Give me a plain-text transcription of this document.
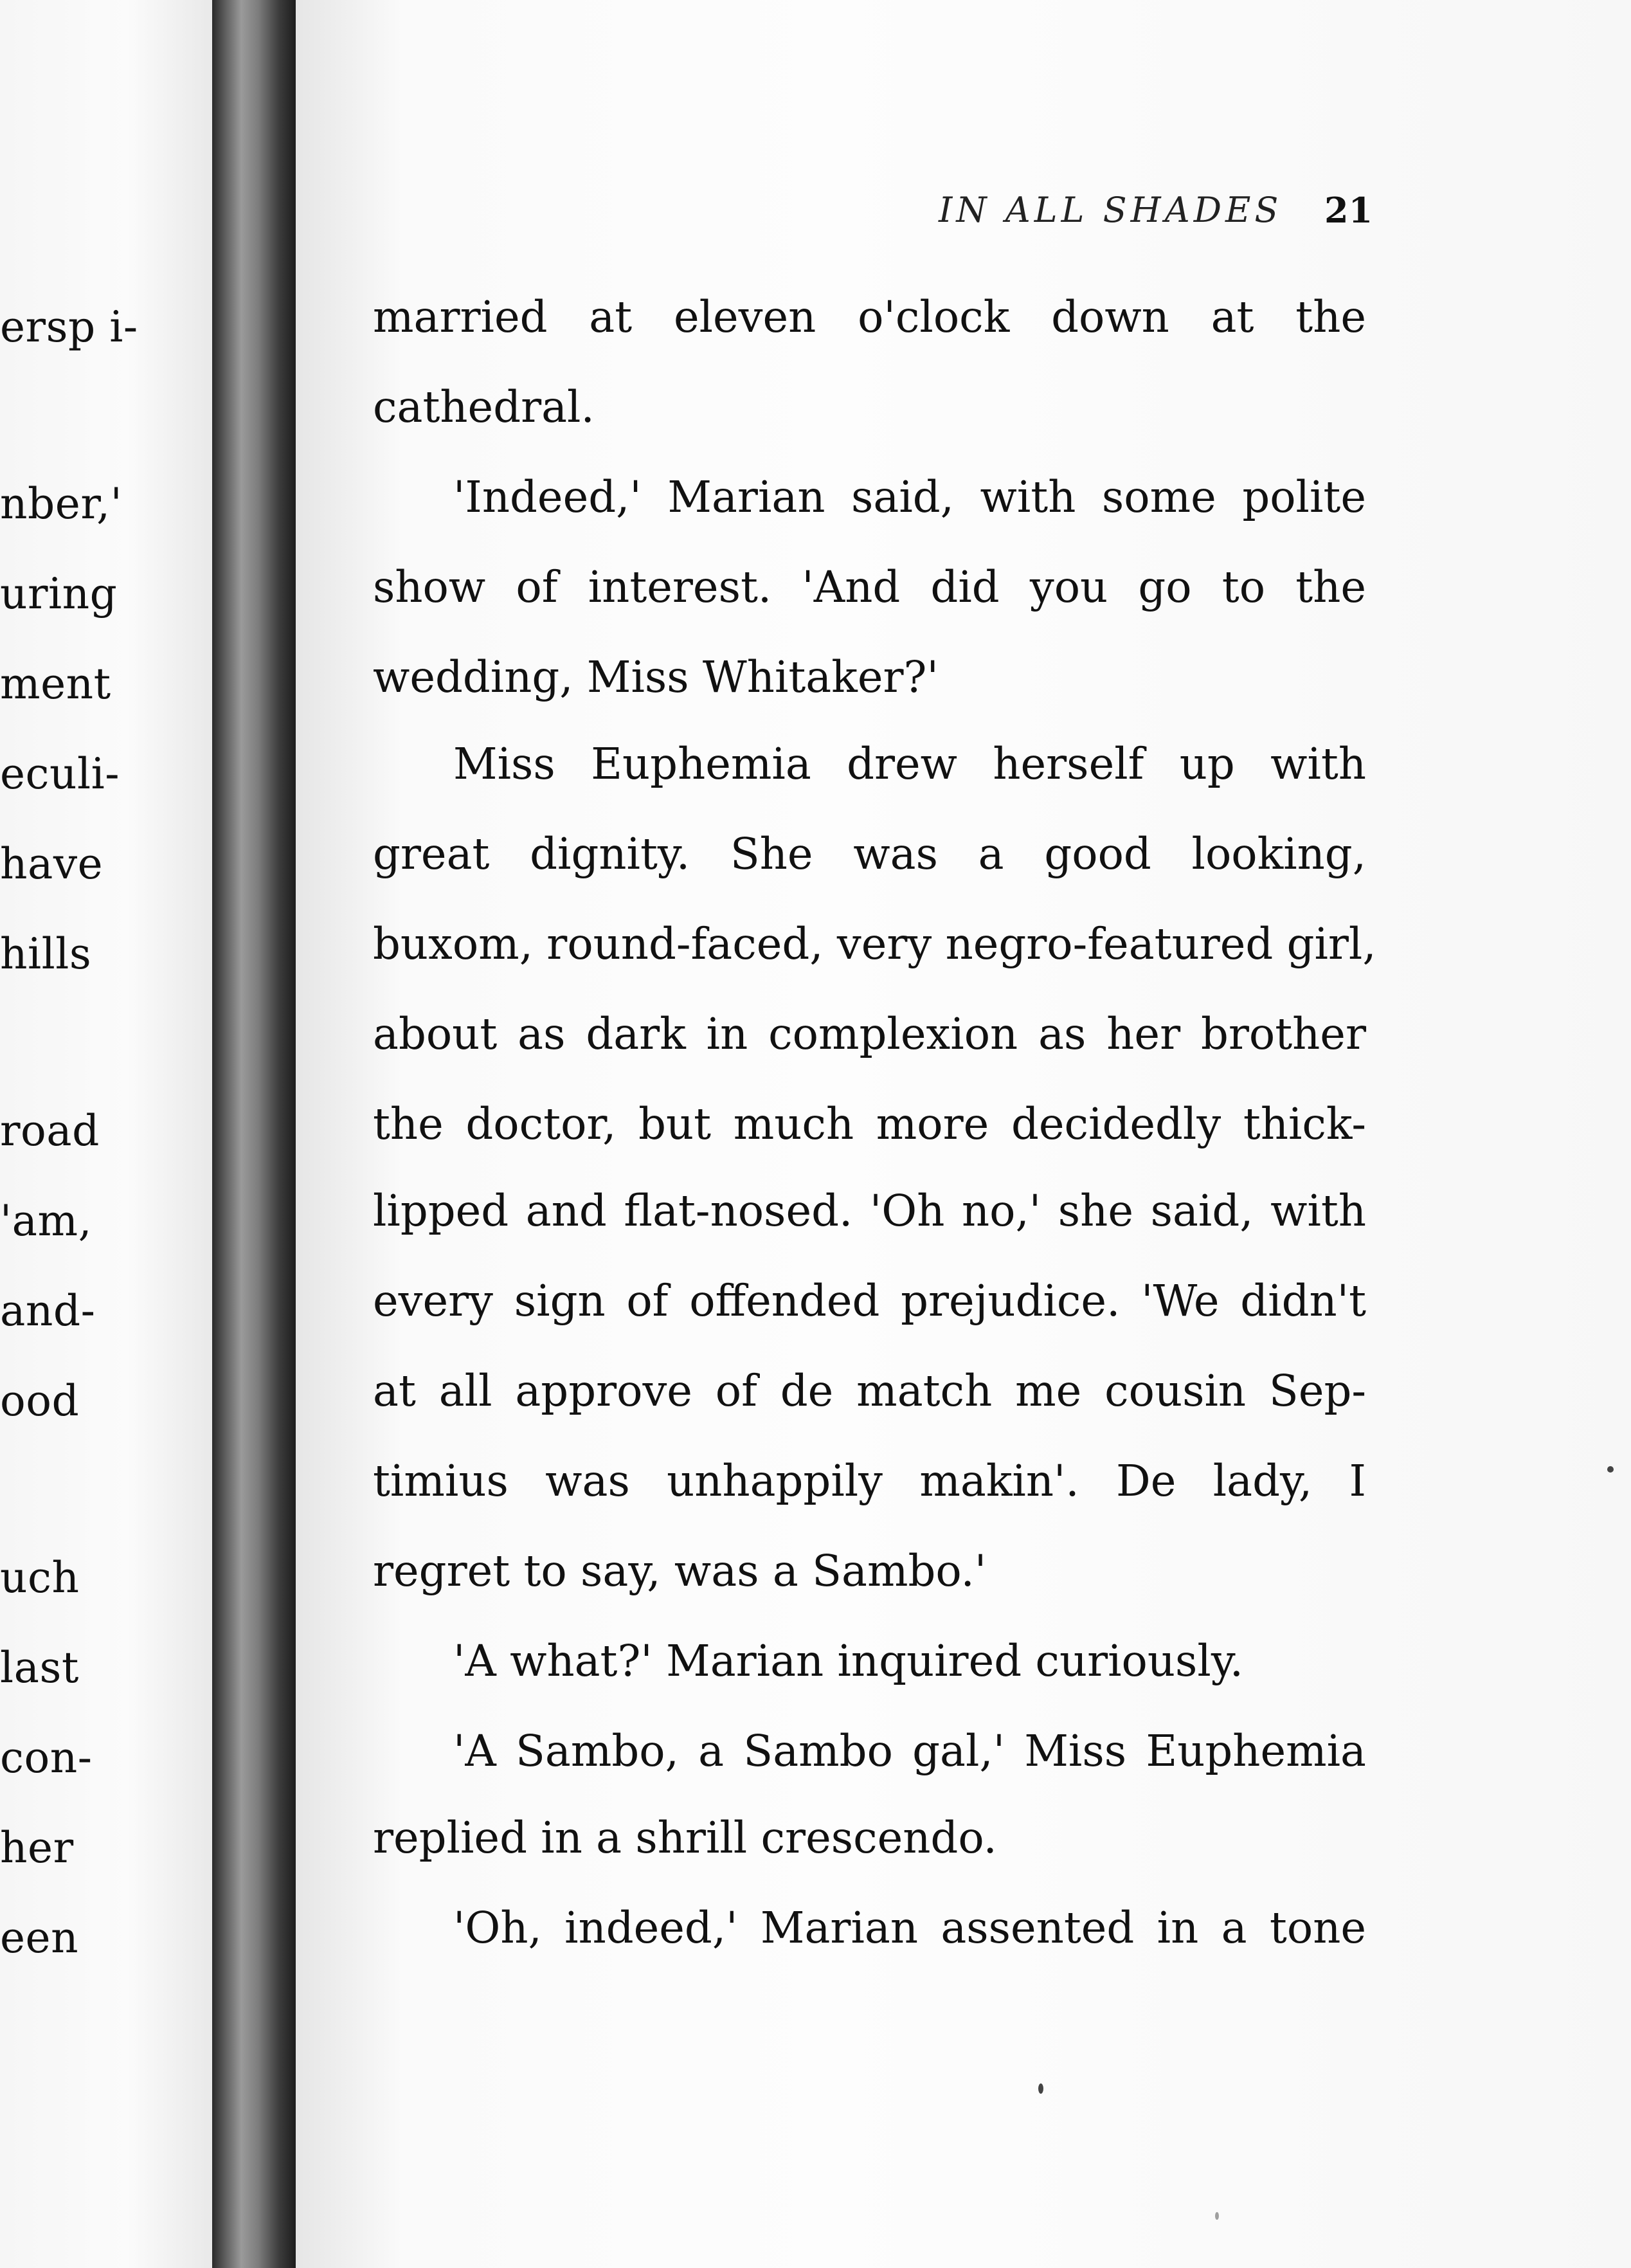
ersp i-
nber,'
uring
ment
eculi-
have
hills
road
'am,
and-
ood
uch
last
con-
her
een
IN ALL SHADES 21
married at eleven o'clock down at the
cathedral.
'Indeed,' Marian said, with some polite
show of interest. 'And did you go to the
wedding, Miss Whitaker?'
Miss Euphemia drew herself up with
great dignity. She was a good looking,
buxom, round-faced, very negro-featured girl,
about as dark in complexion as her brother
the doctor, but much more decidedly thick-
lipped and flat-nosed. 'Oh no,' she said, with
every sign of offended prejudice. 'We didn't
at all approve of de match me cousin Sep-
timius was unhappily makin'. De lady, I
regret to say, was a Sambo.'
'A what?' Marian inquired curiously.
'A Sambo, a Sambo gal,' Miss Euphemia
replied in a shrill crescendo.
'Oh, indeed,' Marian assented in a tone
